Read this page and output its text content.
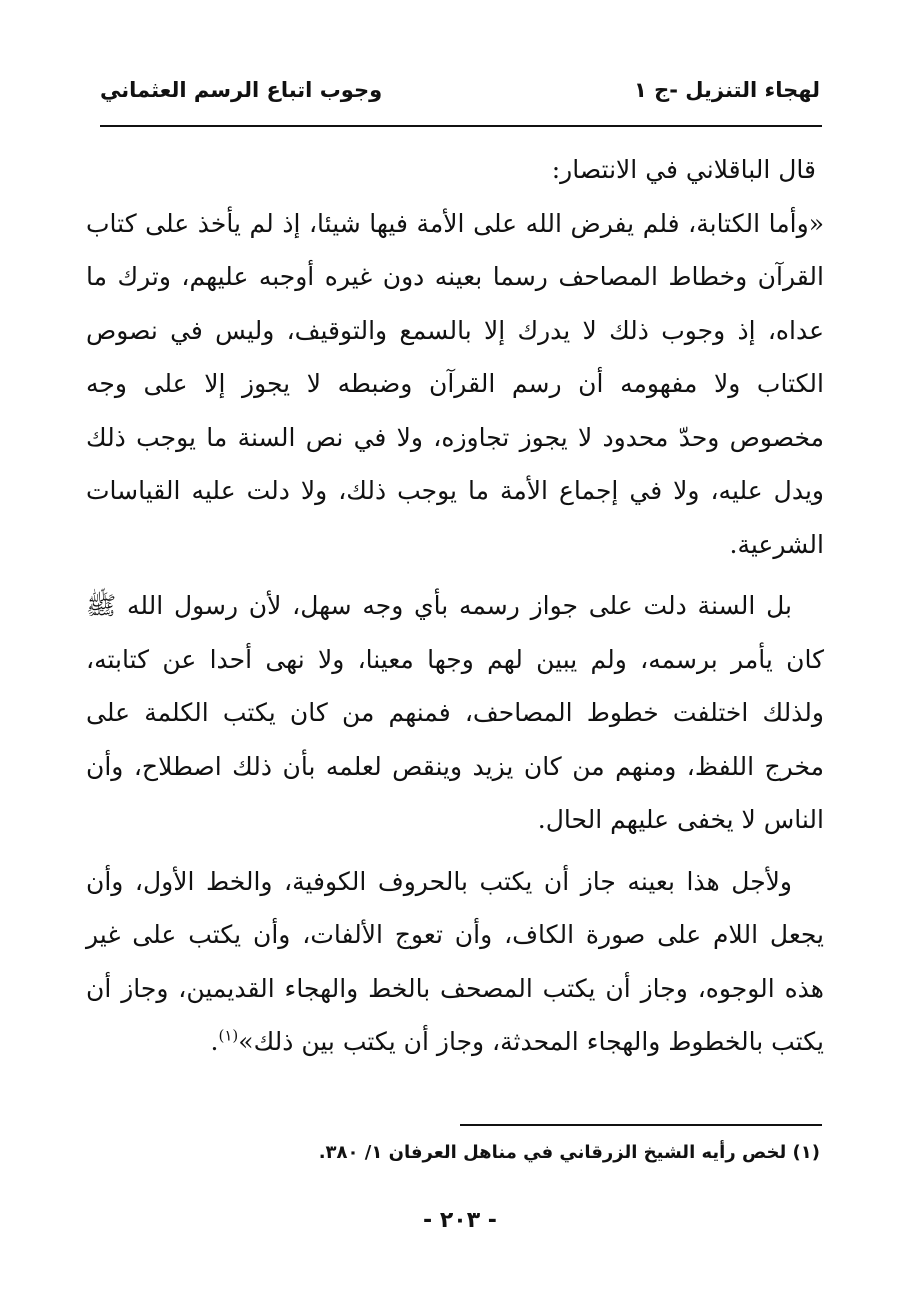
لهجاء التنزيل -ج ١
وجوب اتباع الرسم العثماني

قال الباقلاني في الانتصار:

«وأما الكتابة، فلم يفرض الله على الأمة فيها شيئا، إذ لم يأخذ على كتاب القرآن وخطاط المصاحف رسما بعينه دون غيره أوجبه عليهم، وترك ما عداه، إذ وجوب ذلك لا يدرك إلا بالسمع والتوقيف، وليس في نصوص الكتاب ولا مفهومه أن رسم القرآن وضبطه لا يجوز إلا على وجه مخصوص وحدّ محدود لا يجوز تجاوزه، ولا في نص السنة ما يوجب ذلك ويدل عليه، ولا في إجماع الأمة ما يوجب ذلك، ولا دلت عليه القياسات الشرعية.

بل السنة دلت على جواز رسمه بأي وجه سهل، لأن رسول الله ﷺ كان يأمر برسمه، ولم يبين لهم وجها معينا، ولا نهى أحدا عن كتابته، ولذلك اختلفت خطوط المصاحف، فمنهم من كان يكتب الكلمة على مخرج اللفظ، ومنهم من كان يزيد وينقص لعلمه بأن ذلك اصطلاح، وأن الناس لا يخفى عليهم الحال.

ولأجل هذا بعينه جاز أن يكتب بالحروف الكوفية، والخط الأول، وأن يجعل اللام على صورة الكاف، وأن تعوج الألفات، وأن يكتب على غير هذه الوجوه، وجاز أن يكتب المصحف بالخط والهجاء القديمين، وجاز أن يكتب بالخطوط والهجاء المحدثة، وجاز أن يكتب بين ذلك»$^{(١)}$.

(١) لخص رأيه الشيخ الزرقاني في مناهل العرفان ١/ ٣٨٠.
- ٢٠٣ -
